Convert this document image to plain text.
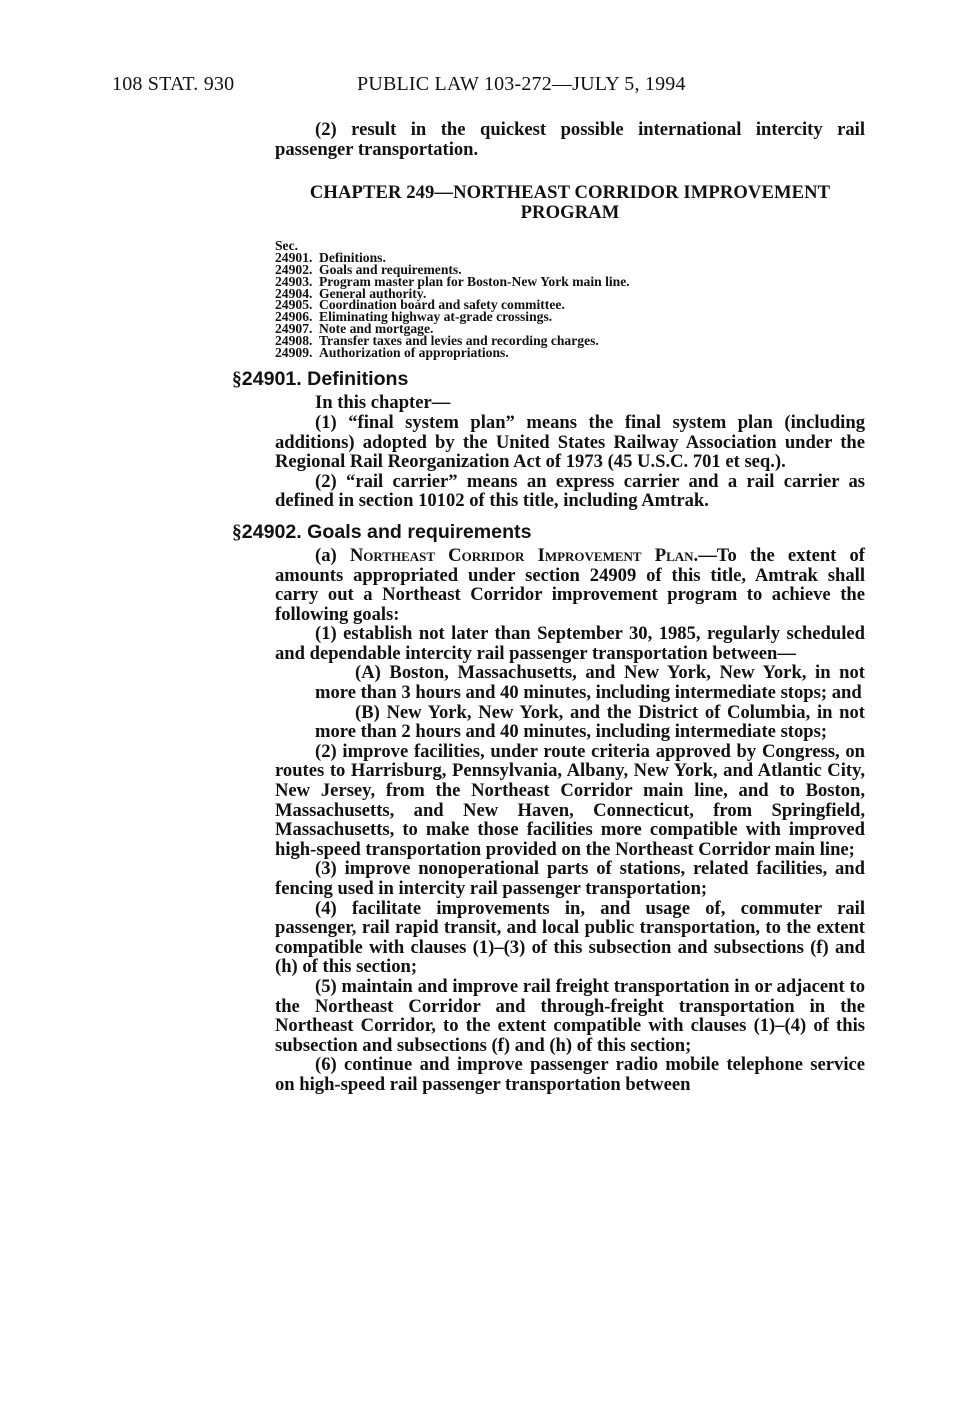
108 STAT. 930	PUBLIC LAW 103-272—JULY 5, 1994

(2) result in the quickest possible international intercity rail passenger transportation.

CHAPTER 249—NORTHEAST CORRIDOR IMPROVEMENT
PROGRAM
Sec.
24901. Definitions.
24902. Goals and requirements.
24903. Program master plan for Boston-New York main line.
24904. General authority.
24905. Coordination board and safety committee.
24906. Eliminating highway at-grade crossings.
24907. Note and mortgage.
24908. Transfer taxes and levies and recording charges.
24909. Authorization of appropriations.
§24901. Definitions

In this chapter—

(1) “final system plan” means the final system plan (including additions) adopted by the United States Railway Association under the Regional Rail Reorganization Act of 1973 (45 U.S.C. 701 et seq.).

(2) “rail carrier” means an express carrier and a rail carrier as defined in section 10102 of this title, including Amtrak.

§24902. Goals and requirements

(a) Northeast Corridor Improvement Plan.—To the extent of amounts appropriated under section 24909 of this title, Amtrak shall carry out a Northeast Corridor improvement program to achieve the following goals:

(1) establish not later than September 30, 1985, regularly scheduled and dependable intercity rail passenger transportation between—

(A) Boston, Massachusetts, and New York, New York, in not more than 3 hours and 40 minutes, including intermediate stops; and

(B) New York, New York, and the District of Columbia, in not more than 2 hours and 40 minutes, including intermediate stops;

(2) improve facilities, under route criteria approved by Congress, on routes to Harrisburg, Pennsylvania, Albany, New York, and Atlantic City, New Jersey, from the Northeast Corridor main line, and to Boston, Massachusetts, and New Haven, Connecticut, from Springfield, Massachusetts, to make those facilities more compatible with improved high-speed transportation provided on the Northeast Corridor main line;

(3) improve nonoperational parts of stations, related facilities, and fencing used in intercity rail passenger transportation;

(4) facilitate improvements in, and usage of, commuter rail passenger, rail rapid transit, and local public transportation, to the extent compatible with clauses (1)–(3) of this subsection and subsections (f) and (h) of this section;

(5) maintain and improve rail freight transportation in or adjacent to the Northeast Corridor and through-freight transportation in the Northeast Corridor, to the extent compatible with clauses (1)–(4) of this subsection and subsections (f) and (h) of this section;

(6) continue and improve passenger radio mobile telephone service on high-speed rail passenger transportation between
